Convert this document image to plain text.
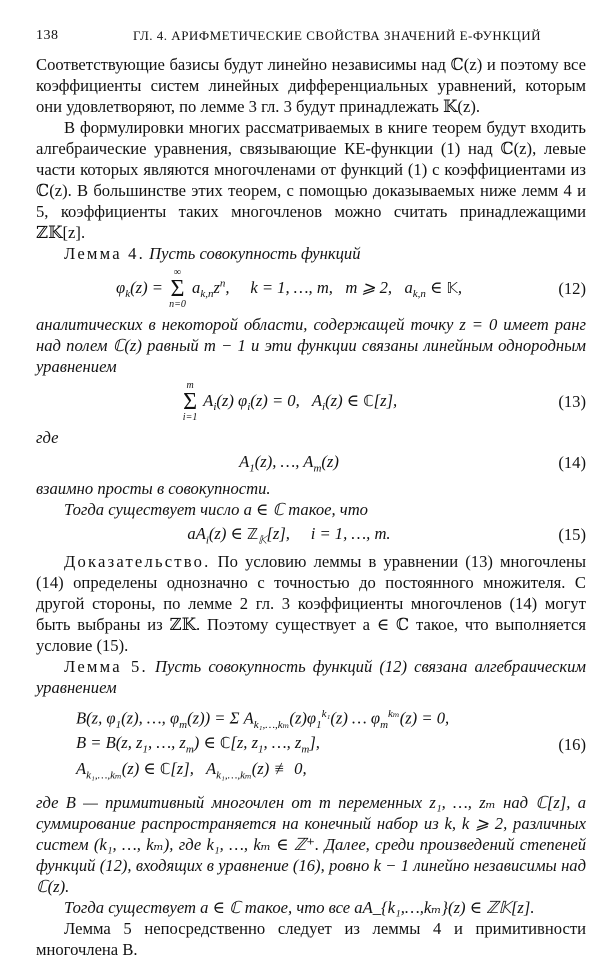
138	ГЛ. 4. АРИФМЕТИЧЕСКИЕ СВОЙСТВА ЗНАЧЕНИЙ Е-ФУНКЦИЙ

Соответствующие базисы будут линейно независимы над ℂ(z) и поэтому все коэффициенты систем линейных дифференциальных уравнений, которым они удовлетворяют, по лемме 3 гл. 3 будут принадлежать 𝕂(z).

В формулировки многих рассматриваемых в книге теорем будут входить алгебраические уравнения, связывающие КЕ-функции (1) над ℂ(z), левые части которых являются многочленами от функций (1) с коэффициентами из ℂ(z). В большинстве этих теорем, с помощью доказываемых ниже лемм 4 и 5, коэффициенты таких многочленов можно считать принадлежащими ℤ𝕂[z].

Лемма 4. Пусть совокупность функций

$\varphi_k(z)$ =
∞
Σ
n=0
$a_{k,n}z^n$,     k = 1, …, m,   m ⩾ 2,   $a_{k,n}$ ∈ 𝕂,	(12)

аналитических в некоторой области, содержащей точку z = 0 имеет ранг над полем ℂ(z) равный m − 1 и эти функции связаны линейным однородным уравнением

m
Σ
i=1
$A_i(z) \varphi_i(z) = 0$,   $A_i(z)$ ∈ ℂ[z],	(13)

где

$A_1(z)$, …, $A_m(z)$	(14)

взаимно просты в совокупности.

Тогда существует число a ∈ ℂ такое, что

$aA_i(z)$ ∈ ℤ$_𝕂$[z],     i = 1, …, m.	(15)

Доказательство. По условию леммы в уравнении (13) многочлены (14) определены однозначно с точностью до постоянного множителя. С другой стороны, по лемме 2 гл. 3 коэффициенты многочленов (14) могут быть выбраны из ℤ𝕂. Поэтому существует a ∈ ℂ такое, что выполняется условие (15).

Лемма 5. Пусть совокупность функций (12) связана алгебраическим уравнением

B(z, $\varphi_1(z)$, …, $\varphi_m(z)) = \Sigma$ $A_{k_1,\dots,k_m}(z)\varphi_1^{k_1}(z)$ … $\varphi_m^{k_m}(z) = 0$,
B = B(z, $z_1$, …, $z_m$) ∈ ℂ[z, $z_1$, …, $z_m$],	(16)
$A_{k_1,\dots,k_m}(z)$ ∈ ℂ[z],   $A_{k_1,\dots,k_m}(z)$ ≢ 0,

где B — примитивный многочлен от m переменных z₁, …, zₘ над ℂ[z], а суммирование распространяется на конечный набор из k, k ⩾ 2, различных систем (k₁, …, kₘ), где k₁, …, kₘ ∈ ℤ⁺. Далее, среди произведений степеней функций (12), входящих в уравнение (16), ровно k − 1 линейно независимы над ℂ(z).

Тогда существует a ∈ ℂ такое, что все aA_{k₁,…,kₘ}(z) ∈ ℤ𝕂[z].

Лемма 5 непосредственно следует из леммы 4 и примитивности многочлена B.
